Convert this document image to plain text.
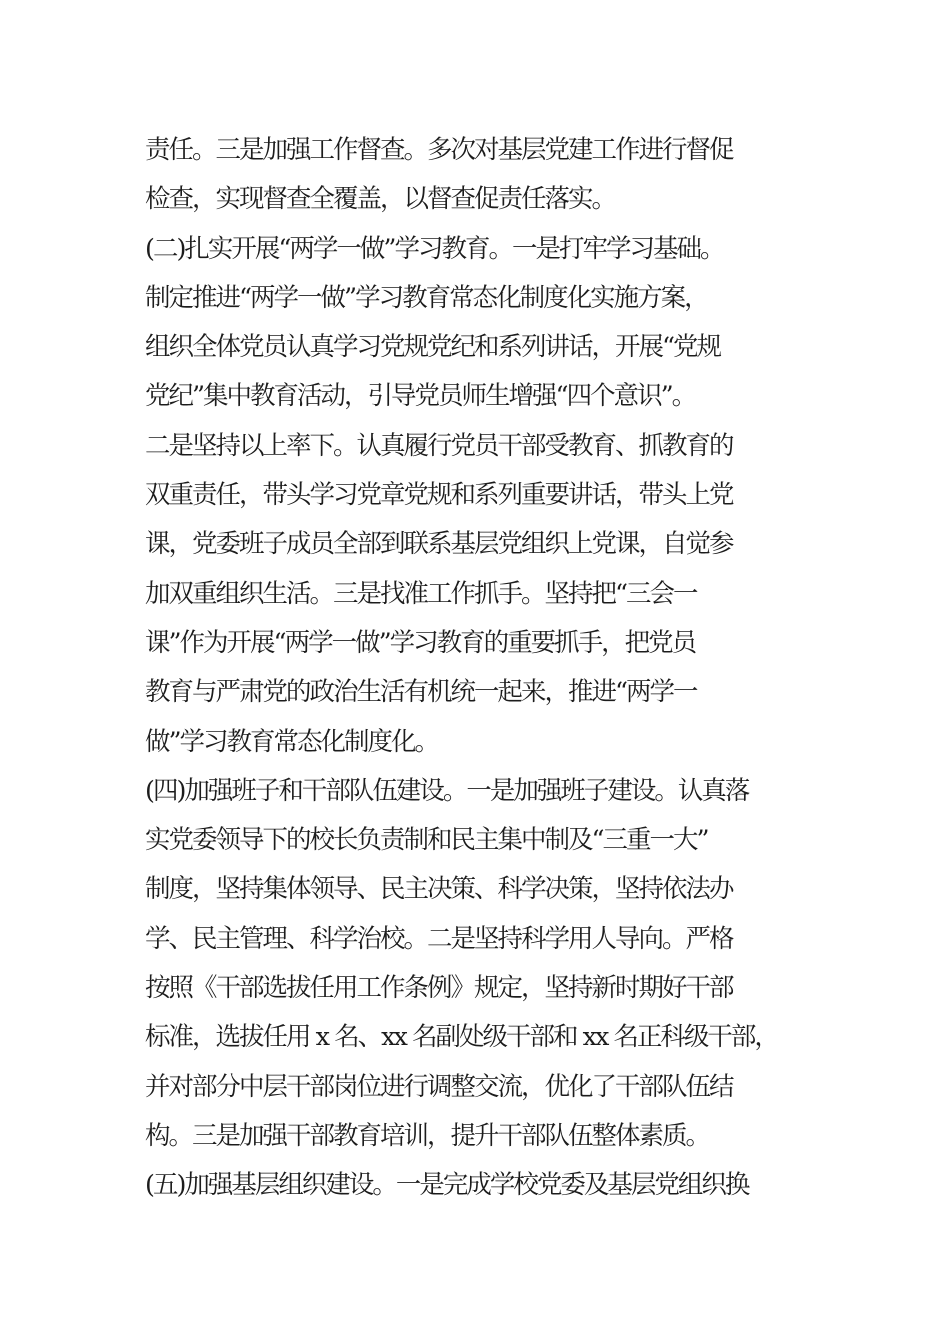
责任。三是加强工作督查。多次对基层党建工作进行督促
检查，实现督查全覆盖，以督查促责任落实。
(二)扎实开展“两学一做”学习教育。一是打牢学习基础。
制定推进“两学一做”学习教育常态化制度化实施方案，
组织全体党员认真学习党规党纪和系列讲话，开展“党规
党纪”集中教育活动，引导党员师生增强“四个意识”。
二是坚持以上率下。认真履行党员干部受教育、抓教育的
双重责任，带头学习党章党规和系列重要讲话，带头上党
课，党委班子成员全部到联系基层党组织上党课，自觉参
加双重组织生活。三是找准工作抓手。坚持把“三会一
课”作为开展“两学一做”学习教育的重要抓手，把党员
教育与严肃党的政治生活有机统一起来，推进“两学一
做”学习教育常态化制度化。
(四)加强班子和干部队伍建设。一是加强班子建设。认真落
实党委领导下的校长负责制和民主集中制及“三重一大”
制度，坚持集体领导、民主决策、科学决策，坚持依法办
学、民主管理、科学治校。二是坚持科学用人导向。严格
按照《干部选拔任用工作条例》规定，坚持新时期好干部
标准，选拔任用 x 名、xx 名副处级干部和 xx 名正科级干部，
并对部分中层干部岗位进行调整交流，优化了干部队伍结
构。三是加强干部教育培训，提升干部队伍整体素质。
(五)加强基层组织建设。一是完成学校党委及基层党组织换
